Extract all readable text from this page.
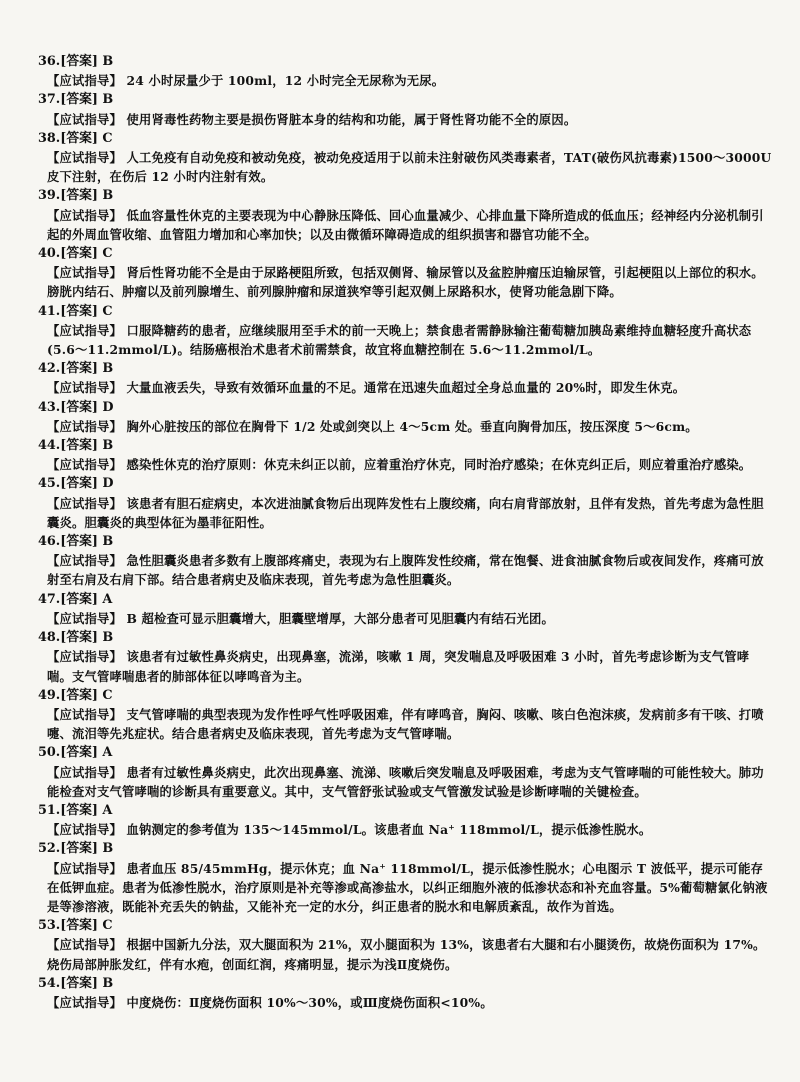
36.[答案] B
【应试指导】 24 小时尿量少于 100ml，12 小时完全无尿称为无尿。
37.[答案] B
【应试指导】 使用肾毒性药物主要是损伤肾脏本身的结构和功能，属于肾性肾功能不全的原因。
38.[答案] C
【应试指导】 人工免疫有自动免疫和被动免疫，被动免疫适用于以前未注射破伤风类毒素者，TAT(破伤风抗毒素)1500～3000U 皮下注射，在伤后 12 小时内注射有效。
39.[答案] B
【应试指导】 低血容量性休克的主要表现为中心静脉压降低、回心血量减少、心排血量下降所造成的低血压；经神经内分泌机制引起的外周血管收缩、血管阻力增加和心率加快；以及由微循环障碍造成的组织损害和器官功能不全。
40.[答案] C
【应试指导】 肾后性肾功能不全是由于尿路梗阻所致，包括双侧肾、输尿管以及盆腔肿瘤压迫输尿管，引起梗阻以上部位的积水。膀胱内结石、肿瘤以及前列腺增生、前列腺肿瘤和尿道狭窄等引起双侧上尿路积水，使肾功能急剧下降。
41.[答案] C
【应试指导】 口服降糖药的患者，应继续服用至手术的前一天晚上；禁食患者需静脉输注葡萄糖加胰岛素维持血糖轻度升高状态(5.6～11.2mmol/L)。结肠癌根治术患者术前需禁食，故宜将血糖控制在 5.6～11.2mmol/L。
42.[答案] B
【应试指导】 大量血液丢失，导致有效循环血量的不足。通常在迅速失血超过全身总血量的 20%时，即发生休克。
43.[答案] D
【应试指导】 胸外心脏按压的部位在胸骨下 1/2 处或剑突以上 4～5cm 处。垂直向胸骨加压，按压深度 5～6cm。
44.[答案] B
【应试指导】 感染性休克的治疗原则：休克未纠正以前，应着重治疗休克，同时治疗感染；在休克纠正后，则应着重治疗感染。
45.[答案] D
【应试指导】 该患者有胆石症病史，本次进油腻食物后出现阵发性右上腹绞痛，向右肩背部放射，且伴有发热，首先考虑为急性胆囊炎。胆囊炎的典型体征为墨菲征阳性。
46.[答案] B
【应试指导】 急性胆囊炎患者多数有上腹部疼痛史，表现为右上腹阵发性绞痛，常在饱餐、进食油腻食物后或夜间发作，疼痛可放射至右肩及右肩下部。结合患者病史及临床表现，首先考虑为急性胆囊炎。
47.[答案] A
【应试指导】 B 超检查可显示胆囊增大，胆囊壁增厚，大部分患者可见胆囊内有结石光团。
48.[答案] B
【应试指导】 该患者有过敏性鼻炎病史，出现鼻塞，流涕，咳嗽 1 周，突发喘息及呼吸困难 3 小时，首先考虑诊断为支气管哮喘。支气管哮喘患者的肺部体征以哮鸣音为主。
49.[答案] C
【应试指导】 支气管哮喘的典型表现为发作性呼气性呼吸困难，伴有哮鸣音，胸闷、咳嗽、咳白色泡沫痰，发病前多有干咳、打喷嚏、流泪等先兆症状。结合患者病史及临床表现，首先考虑为支气管哮喘。
50.[答案] A
【应试指导】 患者有过敏性鼻炎病史，此次出现鼻塞、流涕、咳嗽后突发喘息及呼吸困难，考虑为支气管哮喘的可能性较大。肺功能检查对支气管哮喘的诊断具有重要意义。其中，支气管舒张试验或支气管激发试验是诊断哮喘的关键检查。
51.[答案] A
【应试指导】 血钠测定的参考值为 135～145mmol/L。该患者血 Na⁺ 118mmol/L，提示低渗性脱水。
52.[答案] B
【应试指导】 患者血压 85/45mmHg，提示休克；血 Na⁺ 118mmol/L，提示低渗性脱水；心电图示 T 波低平，提示可能存在低钾血症。患者为低渗性脱水，治疗原则是补充等渗或高渗盐水，以纠正细胞外液的低渗状态和补充血容量。5%葡萄糖氯化钠液是等渗溶液，既能补充丢失的钠盐，又能补充一定的水分，纠正患者的脱水和电解质紊乱，故作为首选。
53.[答案] C
【应试指导】 根据中国新九分法，双大腿面积为 21%，双小腿面积为 13%，该患者右大腿和右小腿烫伤，故烧伤面积为 17%。烧伤局部肿胀发红，伴有水疱，创面红润，疼痛明显，提示为浅Ⅱ度烧伤。
54.[答案] B
【应试指导】 中度烧伤：Ⅱ度烧伤面积 10%～30%，或Ⅲ度烧伤面积<10%。
